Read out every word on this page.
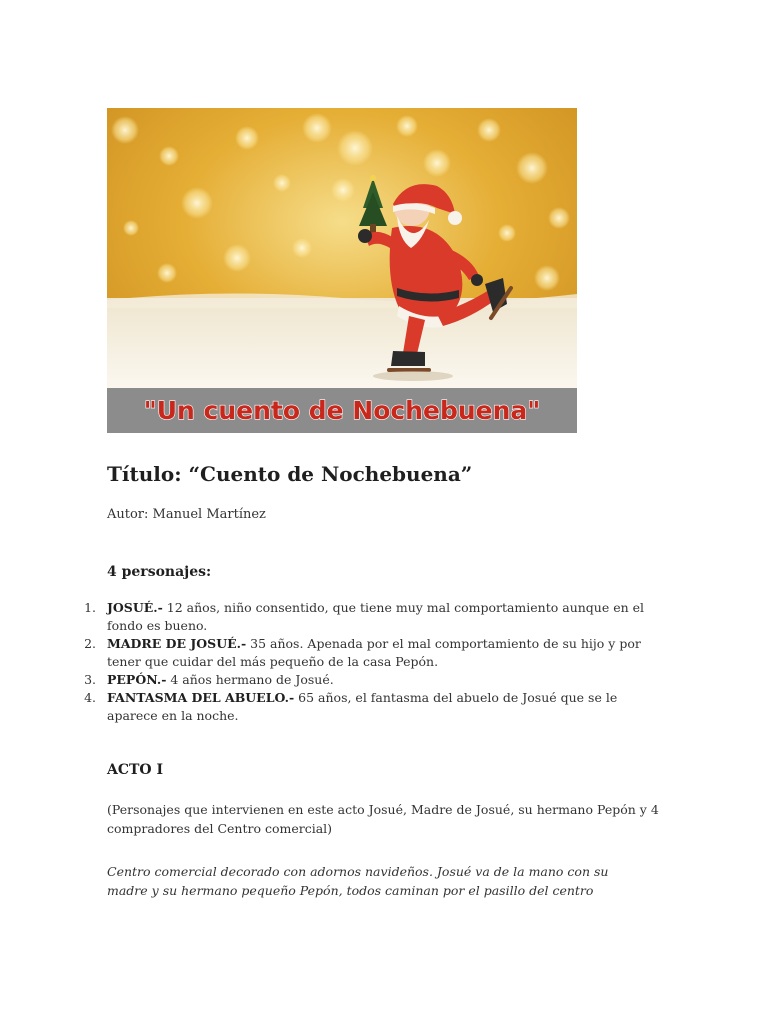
"Un cuento de Nochebuena"
Título: “Cuento de Nochebuena”

Autor: Manuel Martínez

4 personajes:
1. JOSUÉ.- 12 años, niño consentido, que tiene muy mal comportamiento aunque en el fondo es bueno.
2. MADRE DE JOSUÉ.- 35 años. Apenada por el mal comportamiento de su hijo y por tener que cuidar del más pequeño de la casa Pepón.
3. PEPÓN.- 4 años hermano de Josué.
4. FANTASMA DEL ABUELO.- 65 años, el fantasma del abuelo de Josué que se le aparece en la noche.
ACTO I

(Personajes que intervienen en este acto Josué, Madre de Josué, su hermano Pepón y 4 compradores del Centro comercial)

Centro comercial decorado con adornos navideños. Josué va de la mano con su
madre y su hermano pequeño Pepón, todos caminan por el pasillo del centro
